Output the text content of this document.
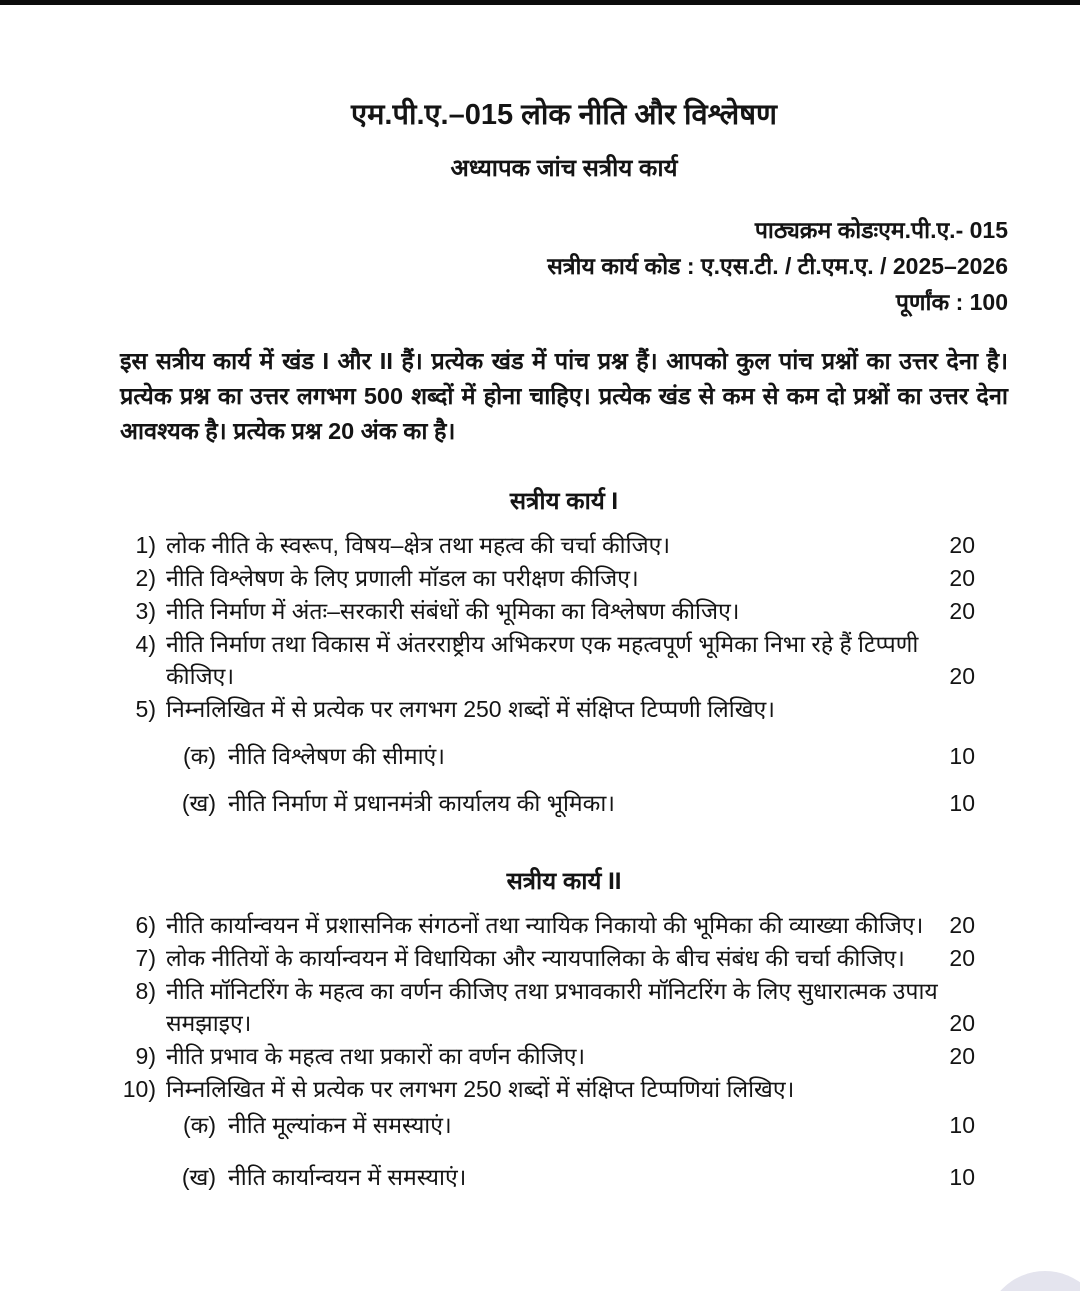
एम.पी.ए.–015 लोक नीति और विश्लेषण
अध्यापक जांच सत्रीय कार्य
पाठ्यक्रम कोडःएम.पी.ए.- 015
सत्रीय कार्य कोड : ए.एस.टी. / टी.एम.ए. / 2025–2026
पूर्णांक : 100

इस सत्रीय कार्य में खंड I और II हैं। प्रत्येक खंड में पांच प्रश्न हैं। आपको कुल पांच प्रश्नों का उत्तर देना है। प्रत्येक प्रश्न का उत्तर लगभग 500 शब्दों में होना चाहिए। प्रत्येक खंड से कम से कम दो प्रश्नों का उत्तर देना आवश्यक है। प्रत्येक प्रश्न 20 अंक का है।

सत्रीय कार्य I
1) लोक नीति के स्वरूप, विषय–क्षेत्र तथा महत्व की चर्चा कीजिए।	20
2) नीति विश्लेषण के लिए प्रणाली मॉडल का परीक्षण कीजिए।	20
3) नीति निर्माण में अंतः–सरकारी संबंधों की भूमिका का विश्लेषण कीजिए।	20
4) नीति निर्माण तथा विकास में अंतरराष्ट्रीय अभिकरण एक महत्वपूर्ण भूमिका निभा रहे हैं टिप्पणी कीजिए।	20
5) निम्नलिखित में से प्रत्येक पर लगभग 250 शब्दों में संक्षिप्त टिप्पणी लिखिए।
(क) नीति विश्लेषण की सीमाएं।	10
(ख) नीति निर्माण में प्रधानमंत्री कार्यालय की भूमिका।	10
सत्रीय कार्य II
6) नीति कार्यान्वयन में प्रशासनिक संगठनों तथा न्यायिक निकायो की भूमिका की व्याख्या कीजिए।	20
7) लोक नीतियों के कार्यान्वयन में विधायिका और न्यायपालिका के बीच संबंध की चर्चा कीजिए।	20
8) नीति मॉनिटरिंग के महत्व का वर्णन कीजिए तथा प्रभावकारी मॉनिटरिंग के लिए सुधारात्मक उपाय समझाइए।	20
9) नीति प्रभाव के महत्व तथा प्रकारों का वर्णन कीजिए।	20
10) निम्नलिखित में से प्रत्येक पर लगभग 250 शब्दों में संक्षिप्त टिप्पणियां लिखिए।
(क) नीति मूल्यांकन में समस्याएं।	10
(ख) नीति कार्यान्वयन में समस्याएं।	10
